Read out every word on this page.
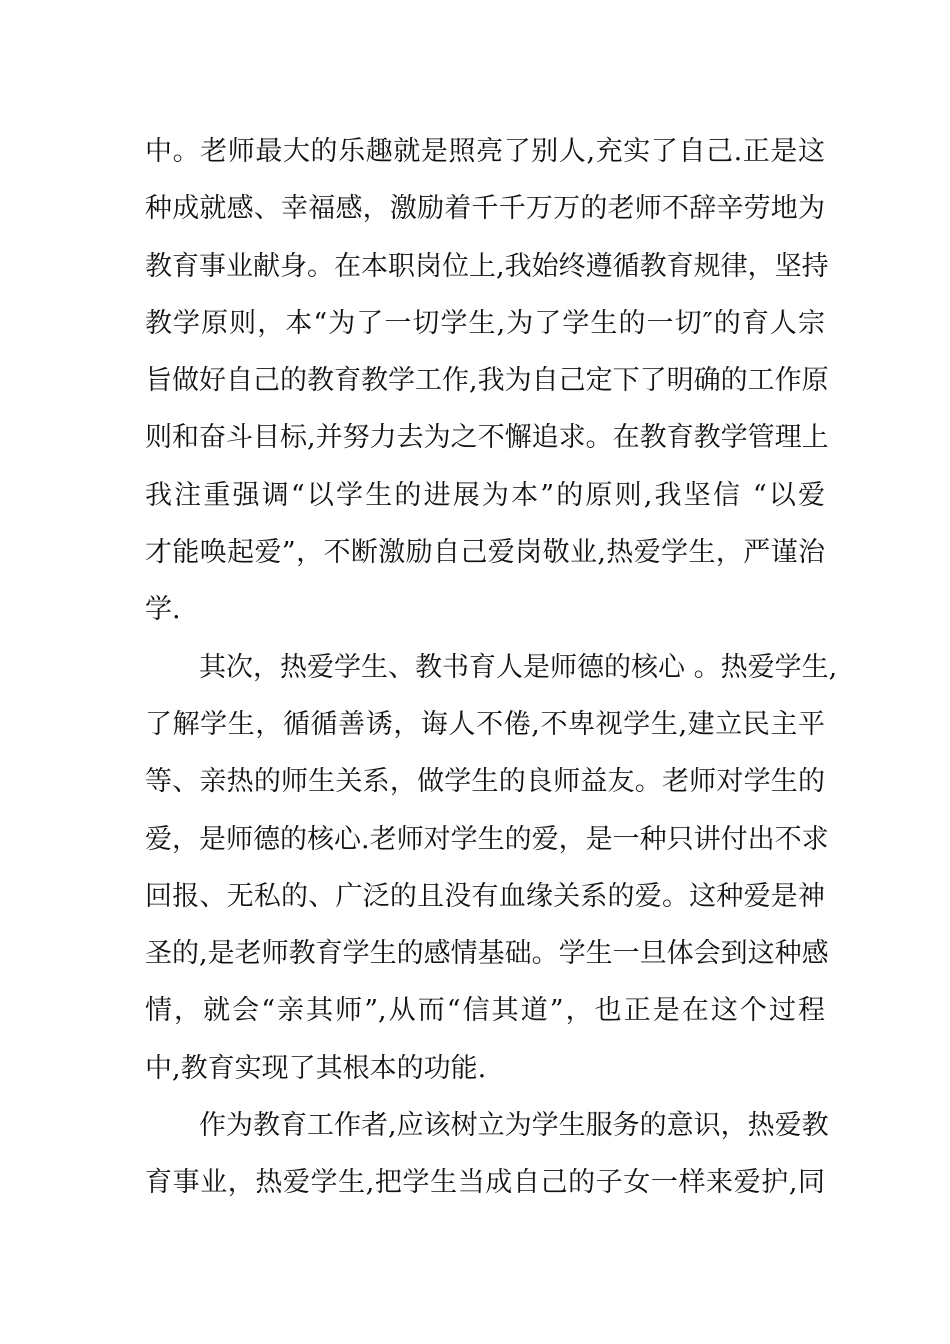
中。老师最大的乐趣就是照亮了别人,充实了自己.正是这
种成就感、幸福感，激励着千千万万的老师不辞辛劳地为
教育事业献身。在本职岗位上,我始终遵循教育规律，坚持
教学原则，本“为了一切学生,为了学生的一切″的育人宗
旨做好自己的教育教学工作,我为自己定下了明确的工作原
则和奋斗目标,并努力去为之不懈追求。在教育教学管理上
我注重强调“以学生的进展为本”的原则,我坚信 “以爱
才能唤起爱”，不断激励自己爱岗敬业,热爱学生，严谨治
学.
其次，热爱学生、教书育人是师德的核心 。热爱学生,
了解学生，循循善诱，诲人不倦,不卑视学生,建立民主平
等、亲热的师生关系，做学生的良师益友。老师对学生的
爱，是师德的核心.老师对学生的爱，是一种只讲付出不求
回报、无私的、广泛的且没有血缘关系的爱。这种爱是神
圣的,是老师教育学生的感情基础。学生一旦体会到这种感
情，就会“亲其师”,从而“信其道”，也正是在这个过程
中,教育实现了其根本的功能.
作为教育工作者,应该树立为学生服务的意识，热爱教
育事业，热爱学生,把学生当成自己的子女一样来爱护,同
